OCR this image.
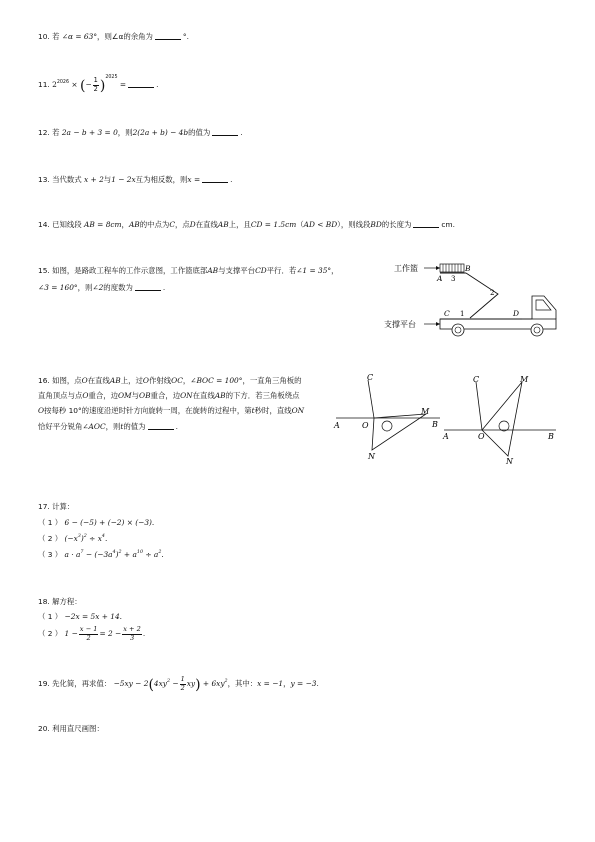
10. 若 ∠α = 63°，则∠α的余角为	°.
11. $2^{2026}$ × (− $\frac{1}{2} )^{2025}$ =	.
12. 若 2a − b + 3 = 0，则2(2a + b) − 4b的值为	.
13. 当代数式 x + 2与1 − 2x互为相反数，则x =	.
14. 已知线段 AB = 8cm，AB的中点为C，点D在直线AB上，且CD = 1.5cm（AD < BD），则线段BD的长度为	cm.
15. 如图，是路政工程车的工作示意图，工作篮底部AB与支撑平台CD平行．若∠1 = 35°，
∠3 = 160°，则∠2的度数为	.
工作篮
A
B
3
2
支撑平台
C	D
1
16. 如图，点O在直线AB上，过O作射线OC，∠BOC = 100°，一直角三角板的
直角顶点与点O重合，边OM与OB重合，边ON在直线AB的下方．若三角板绕点
O按每秒 10°的速度沿逆时针方向旋转一周，在旋转的过程中，第t秒时，直线ON
恰好平分锐角∠AOC，则t的值为	.	A	B
C
M
N
O
A	B
C	M
N
O
17. 计算：
（ 1 ） 6 − (−5) + (−2) × (−3).
（ 2 ） $(-x^3)^2 \div x^4$.
（ 3 ） $a \cdot a^7 - (-3a^4)^2 + a^{10} \div a^2$.
18. 解方程：
（ 1 ） −2x = 5x + 14.
（ 2 ） $1 - \frac{x - 1}{2} = 2 - \frac{x + 2}{3}$ .
19. 先化简，再求值： $-5xy - 2(4xy^2 - \frac{1}{2} xy) + 6xy^2$，其中：x = −1，y = −3.
20. 利用直尺画图：
